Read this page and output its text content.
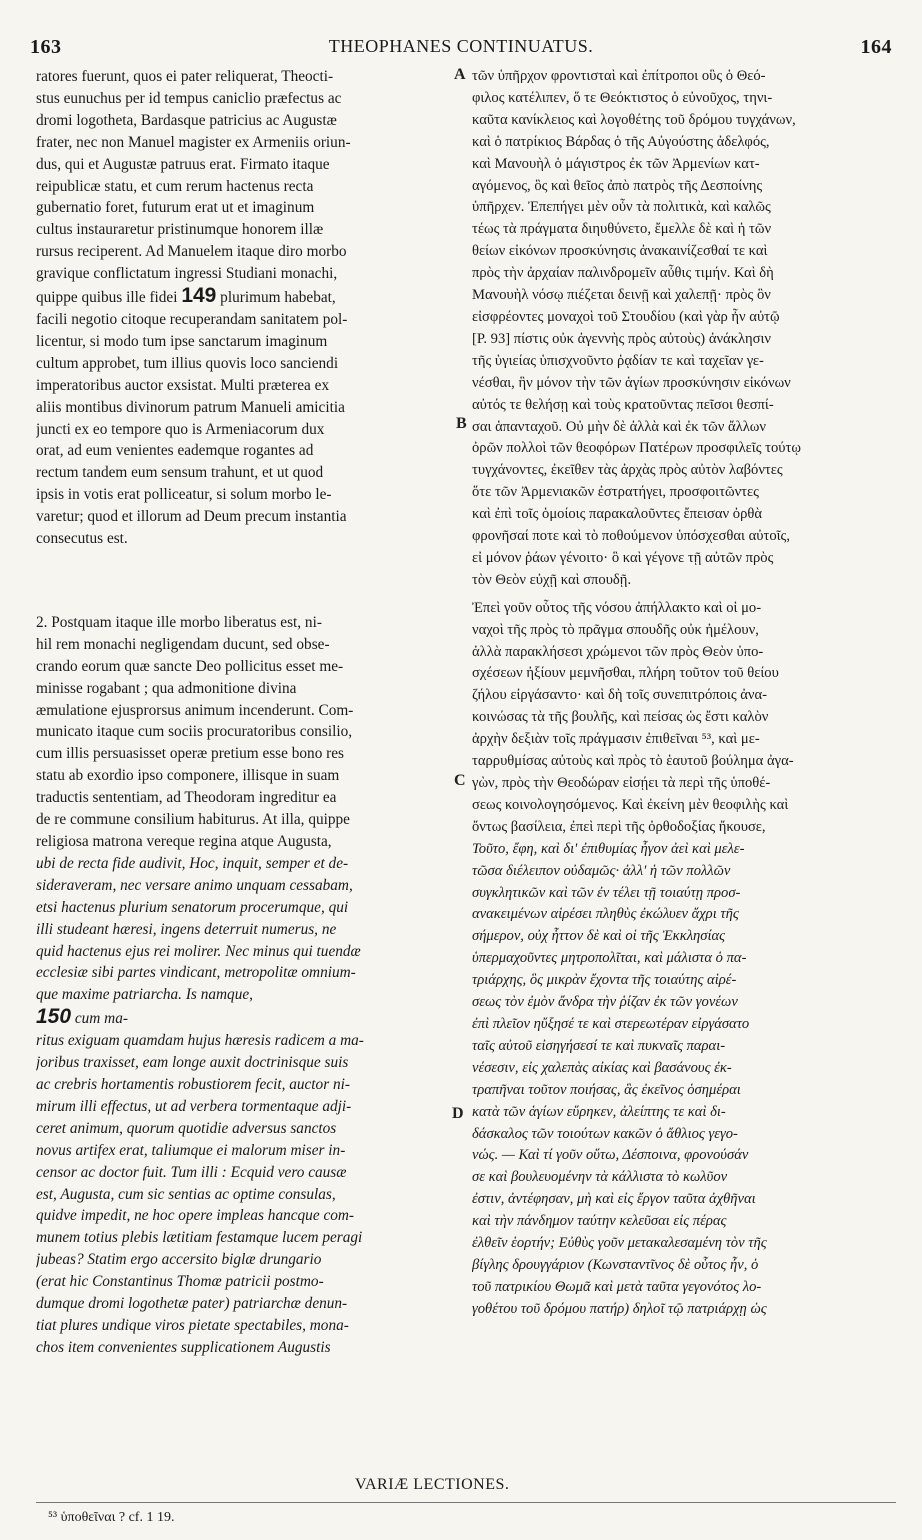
163	THEOPHANES CONTINUATUS.	164
A
B
C
D

ratores fuerunt, quos ei pater reliquerat, Theocti-

stus eunuchus per id tempus caniclio præfectus ac

dromi logotheta, Bardasque patricius ac Augustæ

frater, nec non Manuel magister ex Armeniis oriun-

dus, qui et Augustæ patruus erat. Firmato itaque

reipublicæ statu, et cum rerum hactenus recta

gubernatio foret, futurum erat ut et imaginum

cultus instauraretur pristinumque honorem illæ

rursus reciperent. Ad Manuelem itaque diro morbo

gravique conflictatum ingressi Studiani monachi,

quippe quibus ille fidei 149 plurimum habebat,

facili negotio citoque recuperandam sanitatem pol-

licentur, si modo tum ipse sanctarum imaginum

cultum approbet, tum illius quovis loco sanciendi

imperatoribus auctor exsistat. Multi præterea ex

aliis montibus divinorum patrum Manueli amicitia

juncti ex eo tempore quo is Armeniacorum dux

orat, ad eum venientes eademque rogantes ad

rectum tandem eum sensum trahunt, et ut quod

ipsis in votis erat polliceatur, si solum morbo le-

varetur; quod et illorum ad Deum precum instantia

consecutus est.

2. Postquam itaque ille morbo liberatus est, ni-

hil rem monachi negligendam ducunt, sed obse-

crando eorum quæ sancte Deo pollicitus esset me-

minisse rogabant ; qua admonitione divina

æmulatione ejusprorsus animum incenderunt. Com-

municato itaque cum sociis procuratoribus consilio,

cum illis persuasisset operæ pretium esse bono res

statu ab exordio ipso componere, illisque in suam

traductis sententiam, ad Theodoram ingreditur ea

de re commune consilium habiturus. At illa, quippe

religiosa matrona vereque regina atque Augusta,

ubi de recta fide audivit, Hoc, inquit, semper et de-

sideraveram, nec versare animo unquam cessabam,

etsi hactenus plurium senatorum procerumque, qui

illi studeant hæresi, ingens deterruit numerus, ne

quid hactenus ejus rei molirer. Nec minus qui tuendæ

ecclesiæ sibi partes vindicant, metropolitæ omnium-

que maxime patriarcha. Is namque,

150 cum ma-

ritus exiguam quamdam hujus hæresis radicem a ma-

joribus traxisset, eam longe auxit doctrinisque suis

ac crebris hortamentis robustiorem fecit, auctor ni-

mirum illi effectus, ut ad verbera tormentaque adji-

ceret animum, quorum quotidie adversus sanctos

novus artifex erat, taliumque ei malorum miser in-

censor ac doctor fuit. Tum illi : Ecquid vero causæ

est, Augusta, cum sic sentias ac optime consulas,

quidve impedit, ne hoc opere impleas hancque com-

munem totius plebis lætitiam festamque lucem peragi

jubeas? Statim ergo accersito biglæ drungario

(erat hic Constantinus Thomæ patricii postmo-

dumque dromi logothetæ pater) patriarchæ denun-

tiat plures undique viros pietate spectabiles, mona-

chos item convenientes supplicationem Augustis

τῶν ὑπῆρχον φροντισταὶ καὶ ἐπίτροποι οὓς ὁ Θεό-

φιλος κατέλιπεν, ὅ τε Θεόκτιστος ὁ εὐνοῦχος, τηνι-

καῦτα κανίκλειος καὶ λογοθέτης τοῦ δρόμου τυγχάνων,

καὶ ὁ πατρίκιος Βάρδας ὁ τῆς Αὐγούστης ἀδελφός,

καὶ Μανουὴλ ὁ μάγιστρος ἐκ τῶν Ἀρμενίων κατ-

αγόμενος, ὃς καὶ θεῖος ἀπὸ πατρὸς τῆς Δεσποίνης

ὑπῆρχεν. Ἐπεπήγει μὲν οὖν τὰ πολιτικὰ, καὶ καλῶς

τέως τὰ πράγματα διηυθύνετο, ἔμελλε δὲ καὶ ἡ τῶν

θείων εἰκόνων προσκύνησις ἀνακαινίζεσθαί τε καὶ

πρὸς τὴν ἀρχαίαν παλινδρομεῖν αὖθις τιμήν. Καὶ δὴ

Μανουὴλ νόσῳ πιέζεται δεινῇ καὶ χαλεπῇ· πρὸς ὃν

εἰσφρέοντες μοναχοὶ τοῦ Στουδίου (καὶ γὰρ ἦν αὐτῷ

[P. 93] πίστις οὐκ ἀγεννὴς πρὸς αὐτοὺς) ἀνάκλησιν

τῆς ὑγιείας ὑπισχνοῦντο ῥᾳδίαν τε καὶ ταχεῖαν γε-

νέσθαι, ἣν μόνον τὴν τῶν ἁγίων προσκύνησιν εἰκόνων

αὐτός τε θελήσῃ καὶ τοὺς κρατοῦντας πεῖσοι θεσπί-

σαι ἁπανταχοῦ. Οὐ μὴν δὲ ἀλλὰ καὶ ἐκ τῶν ἄλλων

ὀρῶν πολλοὶ τῶν θεοφόρων Πατέρων προσφιλεῖς τούτῳ

τυγχάνοντες, ἐκεῖθεν τὰς ἀρχὰς πρὸς αὐτὸν λαβόντες

ὅτε τῶν Ἀρμενιακῶν ἐστρατήγει, προσφοιτῶντες

καὶ ἐπὶ τοῖς ὁμοίοις παρακαλοῦντες ἔπεισαν ὀρθὰ

φρονῆσαί ποτε καὶ τὸ ποθούμενον ὑπόσχεσθαι αὐτοῖς,

εἰ μόνον ῥάων γένοιτο· ὃ καὶ γέγονε τῇ αὐτῶν πρὸς

τὸν Θεὸν εὐχῇ καὶ σπουδῇ.

Ἐπεὶ γοῦν οὗτος τῆς νόσου ἀπήλλακτο καὶ οἱ μο-

ναχοὶ τῆς πρὸς τὸ πρᾶγμα σπουδῆς οὐκ ἠμέλουν,

ἀλλὰ παρακλήσεσι χρώμενοι τῶν πρὸς Θεὸν ὑπο-

σχέσεων ἠξίουν μεμνῆσθαι, πλήρη τοῦτον τοῦ θείου

ζήλου εἰργάσαντο· καὶ δὴ τοῖς συνεπιτρόποις ἀνα-

κοινώσας τὰ τῆς βουλῆς, καὶ πείσας ὡς ἔστι καλὸν

ἀρχὴν δεξιὰν τοῖς πράγμασιν ἐπιθεῖναι ⁵³, καὶ με-

ταρρυθμίσας αὐτοὺς καὶ πρὸς τὸ ἑαυτοῦ βούλημα ἀγα-

γὼν, πρὸς τὴν Θεοδώραν εἰσῄει τὰ περὶ τῆς ὑποθέ-

σεως κοινολογησόμενος. Καὶ ἐκείνη μὲν θεοφιλὴς καὶ

ὄντως βασίλεια, ἐπεὶ περὶ τῆς ὀρθοδοξίας ἤκουσε,

Τοῦτο, ἔφη, καὶ δι' ἐπιθυμίας ἦγον ἀεὶ καὶ μελε-

τῶσα διέλειπον οὐδαμῶς· ἀλλ' ἡ τῶν πολλῶν

συγκλητικῶν καὶ τῶν ἐν τέλει τῇ τοιαύτῃ προσ-

ανακειμένων αἱρέσει πληθὺς ἐκώλυεν ἄχρι τῆς

σήμερον, οὐχ ἧττον δὲ καὶ οἱ τῆς Ἐκκλησίας

ὑπερμαχοῦντες μητροπολῖται, καὶ μάλιστα ὁ πα-

τριάρχης, ὃς μικρὰν ἔχοντα τῆς τοιαύτης αἱρέ-

σεως τὸν ἐμὸν ἄνδρα τὴν ῥίζαν ἐκ τῶν γονέων

ἐπὶ πλεῖον ηὔξησέ τε καὶ στερεωτέραν εἰργάσατο

ταῖς αὐτοῦ εἰσηγήσεσί τε καὶ πυκναῖς παραι-

νέσεσιν, εἰς χαλεπὰς αἰκίας καὶ βασάνους ἐκ-

τραπῆναι τοῦτον ποιήσας, ἃς ἐκεῖνος ὁσημέραι

κατὰ τῶν ἁγίων εὕρηκεν, ἀλείπτης τε καὶ δι-

δάσκαλος τῶν τοιούτων κακῶν ὁ ἄθλιος γεγο-

νώς. — Καὶ τί γοῦν οὕτω, Δέσποινα, φρονούσάν

σε καὶ βουλευομένην τὰ κάλλιστα τὸ κωλῦον

ἐστιν, ἀντέφησαν, μὴ καὶ εἰς ἔργον ταῦτα ἀχθῆναι

καὶ τὴν πάνδημον ταύτην κελεῦσαι εἰς πέρας

ἐλθεῖν ἑορτήν; Εὐθὺς γοῦν μετακαλεσαμένη τὸν τῆς

βίγλης δρουγγάριον (Κωνσταντῖνος δὲ οὗτος ἦν, ὁ

τοῦ πατρικίου Θωμᾶ καὶ μετὰ ταῦτα γεγονότος λο-

γοθέτου τοῦ δρόμου πατήρ) δηλοῖ τῷ πατριάρχῃ ὡς

VARIÆ LECTIONES.
⁵³ ὑποθεῖναι ? cf. 1 19.
